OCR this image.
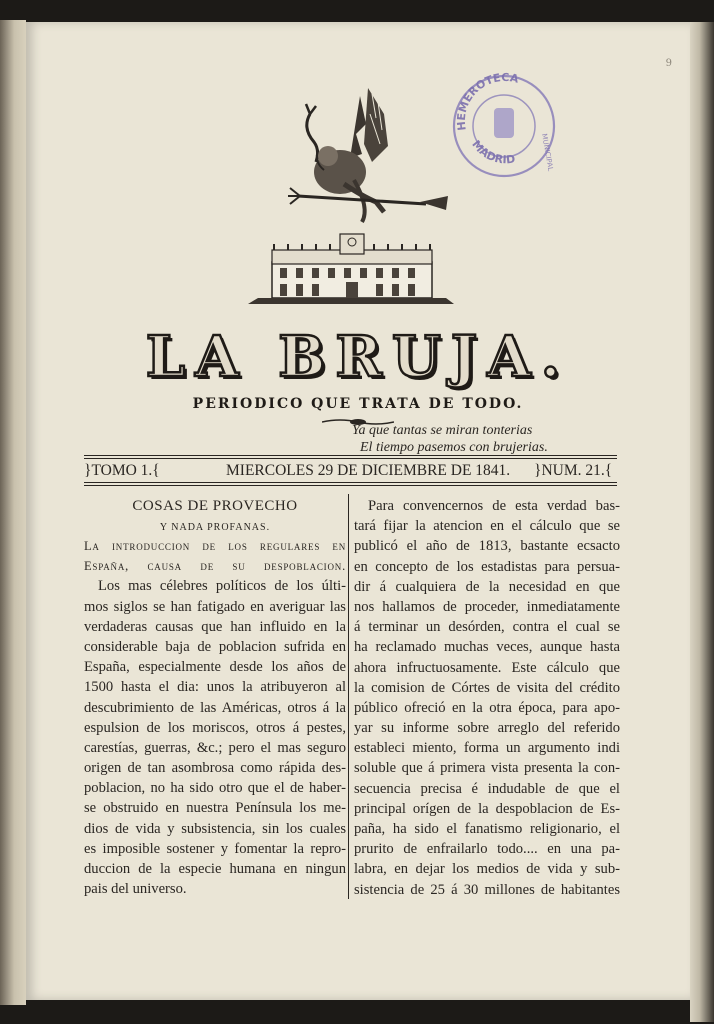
9
HEMEROTECA
MADRID	MUNICIPAL
LA BRUJA.
PERIODICO QUE TRATA DE TODO.
Ya que tantas se miran tonterias
El tiempo pasemos con brujerias.
}TOMO 1.{	MIERCOLES 29 DE DICIEMBRE DE 1841. }NUM. 21.{
COSAS DE PROVECHO
Y NADA PROFANAS.
La introduccion de los regulares en
España, causa de su despoblacion.
Los mas célebres políticos de los últi-
mos siglos se han fatigado en averiguar las
verdaderas causas que han influido en la
considerable baja de poblacion sufrida en
España, especialmente desde los años de
1500 hasta el dia: unos la atribuyeron al
descubrimiento de las Américas, otros á la
espulsion de los moriscos, otros á pestes,
carestías, guerras, &c.; pero el mas seguro
origen de tan asombrosa como rápida des-
poblacion, no ha sido otro que el de haber-
se obstruido en nuestra Península los me-
dios de vida y subsistencia, sin los cuales
es imposible sostener y fomentar la repro-
duccion de la especie humana en ningun
pais del universo.
Para convencernos de esta verdad bas-
tará fijar la atencion en el cálculo que se
publicó el año de 1813, bastante ecsacto
en concepto de los estadistas para persua-
dir á cualquiera de la necesidad en que
nos hallamos de proceder, inmediatamente
á terminar un desórden, contra el cual se
ha reclamado muchas veces, aunque hasta
ahora infructuosamente. Este cálculo que
la comision de Córtes de visita del crédito
público ofreció en la otra época, para apo-
yar su informe sobre arreglo del referido
estableci miento, forma un argumento indi
soluble que á primera vista presenta la con-
secuencia precisa é indudable de que el
principal orígen de la despoblacion de Es-
paña, ha sido el fanatismo religionario, el
prurito de enfrailarlo todo.... en una pa-
labra, en dejar los medios de vida y sub-
sistencia de 25 á 30 millones de habitantes
